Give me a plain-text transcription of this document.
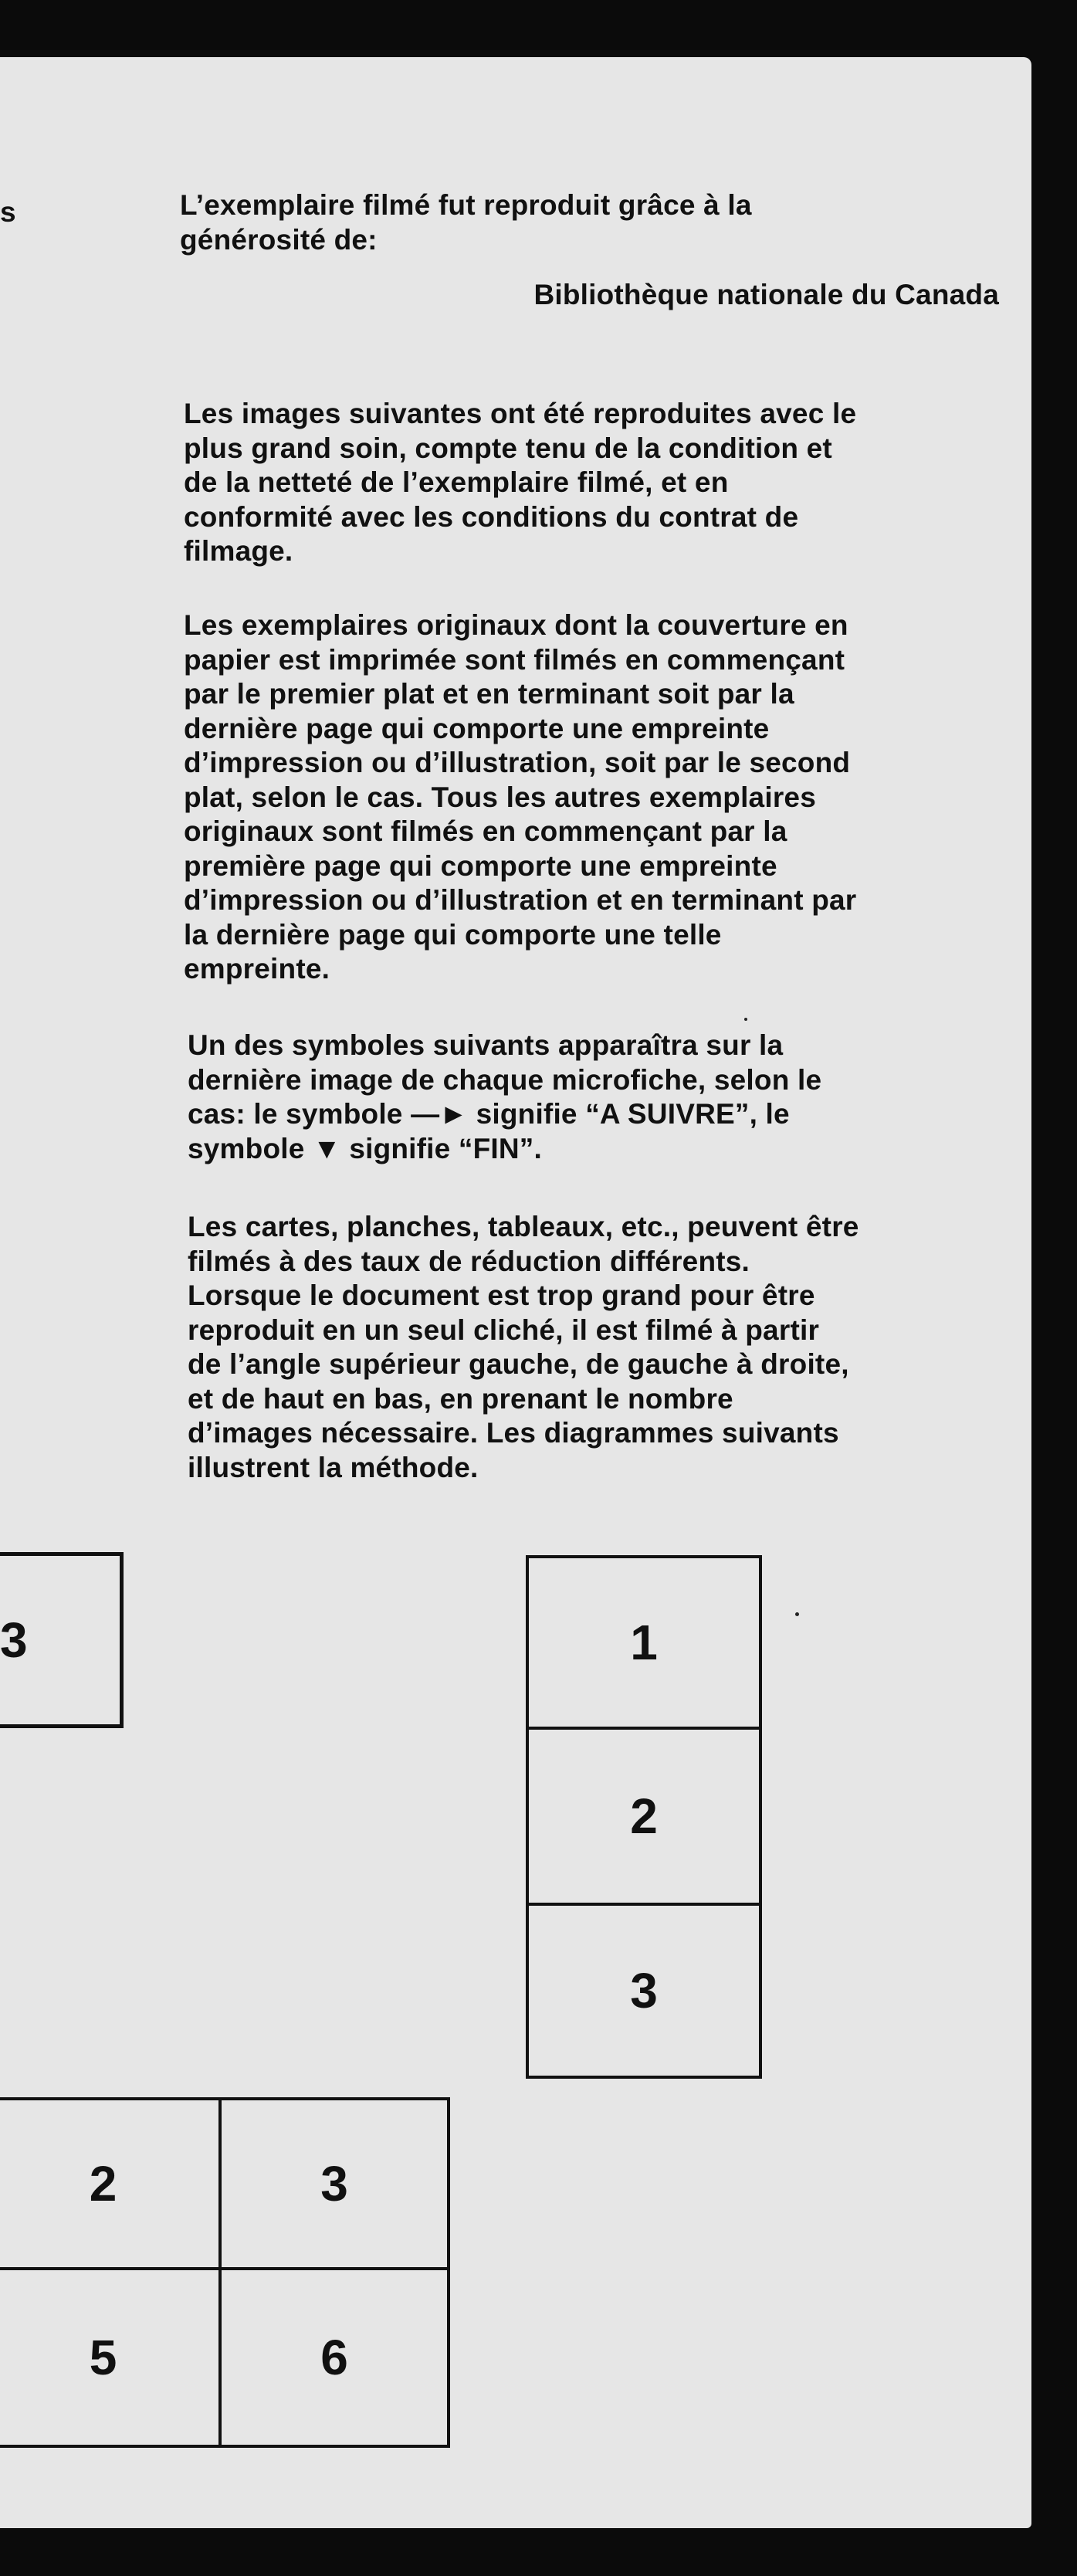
s	L’exemplaire filmé fut reproduit grâce à la
générosité de:

Bibliothèque nationale du Canada

Les images suivantes ont été reproduites avec le
plus grand soin, compte tenu de la condition et
de la netteté de l’exemplaire filmé, et en
conformité avec les conditions du contrat de
filmage.

Les exemplaires originaux dont la couverture en
papier est imprimée sont filmés en commençant
par le premier plat et en terminant soit par la
dernière page qui comporte une empreinte
d’impression ou d’illustration, soit par le second
plat, selon le cas. Tous les autres exemplaires
originaux sont filmés en commençant par la
première page qui comporte une empreinte
d’impression ou d’illustration et en terminant par
la dernière page qui comporte une telle
empreinte.

Un des symboles suivants apparaîtra sur la
dernière image de chaque microfiche, selon le
cas: le symbole —► signifie “A SUIVRE”, le
symbole ▼ signifie “FIN”.

Les cartes, planches, tableaux, etc., peuvent être
filmés à des taux de réduction différents.
Lorsque le document est trop grand pour être
reproduit en un seul cliché, il est filmé à partir
de l’angle supérieur gauche, de gauche à droite,
et de haut en bas, en prenant le nombre
d’images nécessaire. Les diagrammes suivants
illustrent la méthode.

3	1
2
3
2	3
5	6
